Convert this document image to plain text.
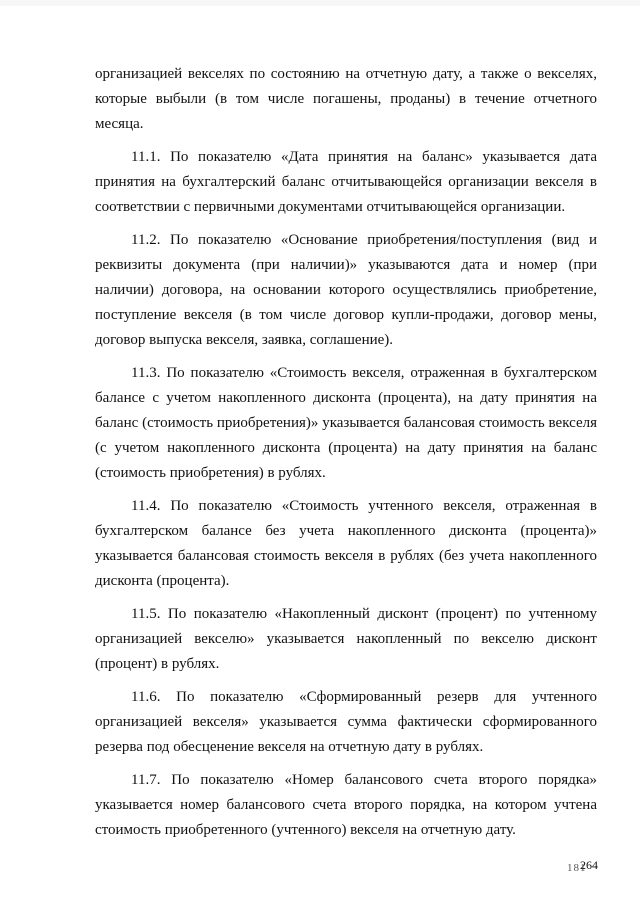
организацией векселях по состоянию на отчетную дату, а также о векселях, которые выбыли (в том числе погашены, проданы) в течение отчетного месяца.

11.1. По показателю «Дата принятия на баланс» указывается дата принятия на бухгалтерский баланс отчитывающейся организации векселя в соответствии с первичными документами отчитывающейся организации.

11.2. По показателю «Основание приобретения/поступления (вид и реквизиты документа (при наличии)» указываются дата и номер (при наличии) договора, на основании которого осуществлялись приобретение, поступление векселя (в том числе договор купли-продажи, договор мены, договор выпуска векселя, заявка, соглашение).

11.3. По показателю «Стоимость векселя, отраженная в бухгалтерском балансе с учетом накопленного дисконта (процента), на дату принятия на баланс (стоимость приобретения)» указывается балансовая стоимость векселя (с учетом накопленного дисконта (процента) на дату принятия на баланс (стоимость приобретения) в рублях.

11.4. По показателю «Стоимость учтенного векселя, отраженная в бухгалтерском балансе без учета накопленного дисконта (процента)» указывается балансовая стоимость векселя в рублях (без учета накопленного дисконта (процента).

11.5. По показателю «Накопленный дисконт (процент) по учтенному организацией векселю» указывается накопленный по векселю дисконт (процент) в рублях.

11.6. По показателю «Сформированный резерв для учтенного организацией векселя» указывается сумма фактически сформированного резерва под обесценение векселя на отчетную дату в рублях.

11.7. По показателю «Номер балансового счета второго порядка» указывается номер балансового счета второго порядка, на котором учтена стоимость приобретенного (учтенного) векселя на отчетную дату.

181
264
